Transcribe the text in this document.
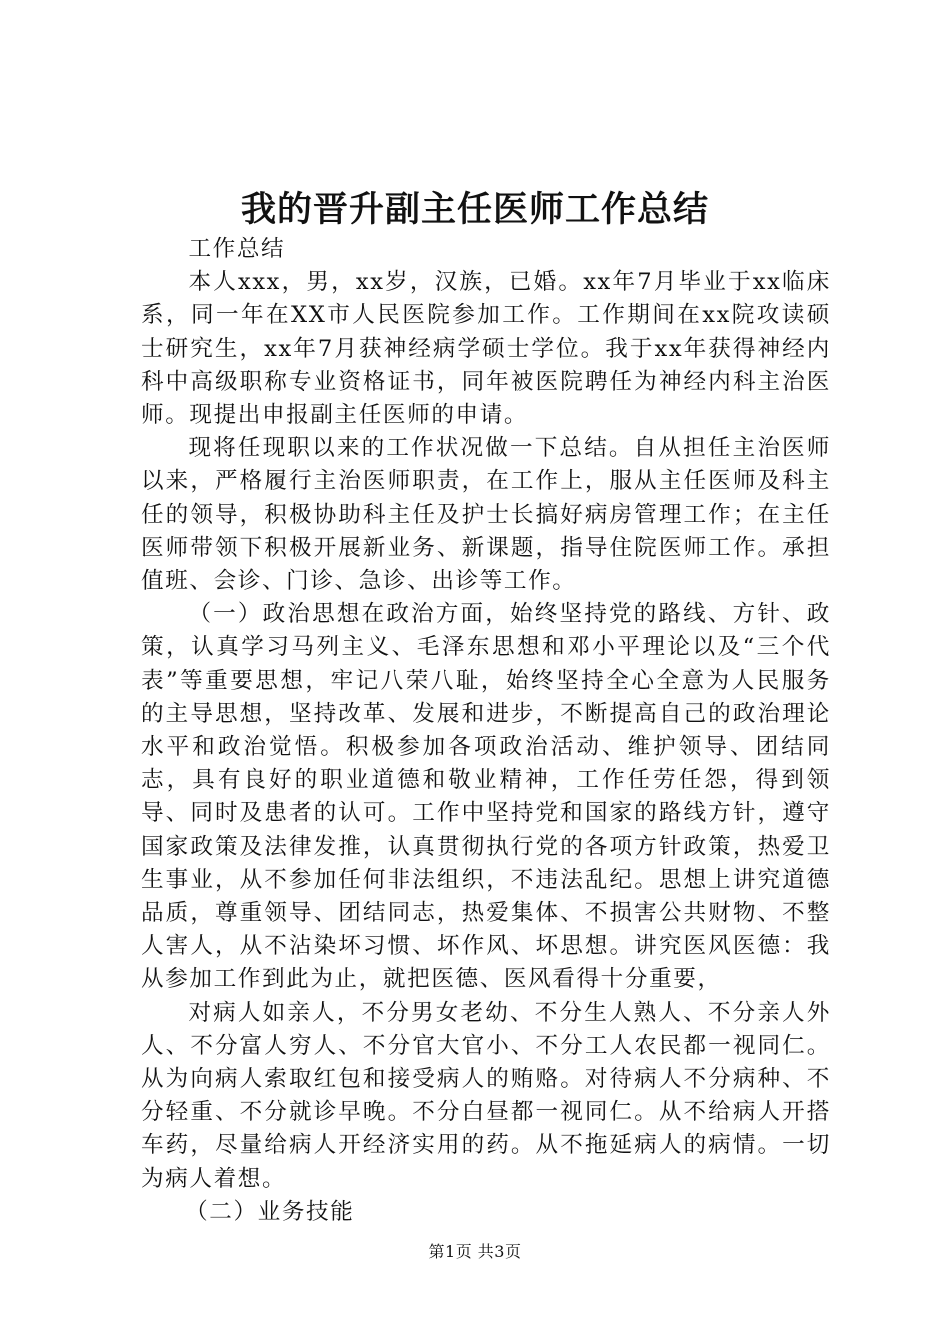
我的晋升副主任医师工作总结

工作总结

本人xxx，男，xx岁，汉族，已婚。xx年7月毕业于xx临床系，同一年在XX市人民医院参加工作。工作期间在xx院攻读硕士研究生，xx年7月获神经病学硕士学位。我于xx年获得神经内科中高级职称专业资格证书，同年被医院聘任为神经内科主治医师。现提出申报副主任医师的申请。

现将任现职以来的工作状况做一下总结。自从担任主治医师以来，严格履行主治医师职责，在工作上，服从主任医师及科主任的领导，积极协助科主任及护士长搞好病房管理工作；在主任医师带领下积极开展新业务、新课题，指导住院医师工作。承担值班、会诊、门诊、急诊、出诊等工作。

（一）政治思想在政治方面，始终坚持党的路线、方针、政策，认真学习马列主义、毛泽东思想和邓小平理论以及“三个代表”等重要思想，牢记八荣八耻，始终坚持全心全意为人民服务的主导思想，坚持改革、发展和进步，不断提高自己的政治理论水平和政治觉悟。积极参加各项政治活动、维护领导、团结同志，具有良好的职业道德和敬业精神，工作任劳任怨，得到领导、同时及患者的认可。工作中坚持党和国家的路线方针，遵守国家政策及法律发推，认真贯彻执行党的各项方针政策，热爱卫生事业，从不参加任何非法组织，不违法乱纪。思想上讲究道德品质，尊重领导、团结同志，热爱集体、不损害公共财物、不整人害人，从不沾染坏习惯、坏作风、坏思想。讲究医风医德：我从参加工作到此为止，就把医德、医风看得十分重要，

对病人如亲人，不分男女老幼、不分生人熟人、不分亲人外人、不分富人穷人、不分官大官小、不分工人农民都一视同仁。从为向病人索取红包和接受病人的贿赂。对待病人不分病种、不分轻重、不分就诊早晚。不分白昼都一视同仁。从不给病人开搭车药，尽量给病人开经济实用的药。从不拖延病人的病情。一切为病人着想。

（二）业务技能

第1页 共3页
